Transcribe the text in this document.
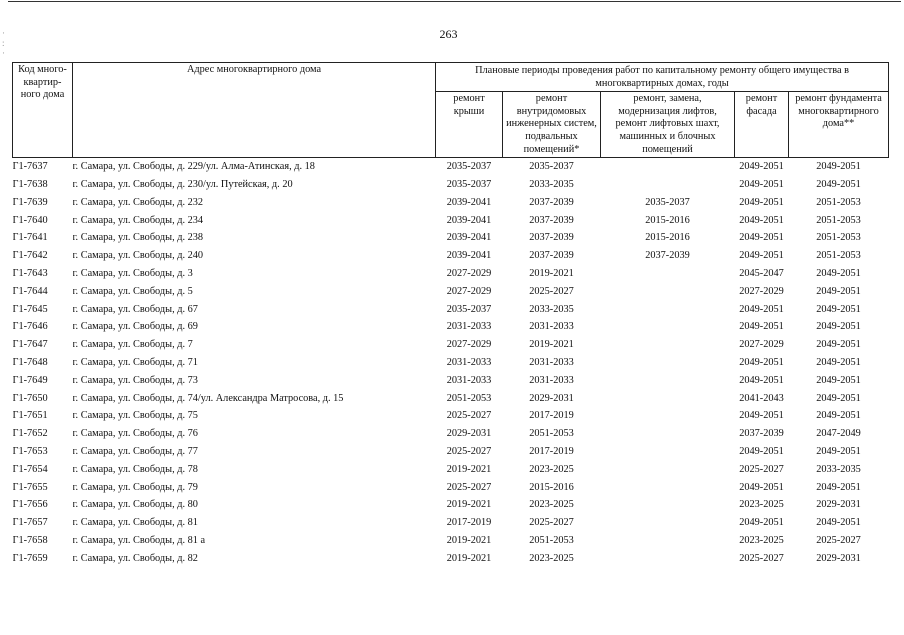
·
:
·
263
Код много-квартир-ного дома	Адрес многоквартирного дома	Плановые периоды проведения работ по капитальному ремонту общего имущества в многоквартирных домах, годы				
		ремонт крыши	ремонт внутридомовых инженерных систем, подвальных помещений*	ремонт, замена, модернизация лифтов, ремонт лифтовых шахт, машинных и блочных помещений	ремонт фасада	ремонт фундамента многоквартирного дома**
Г1-7637	г. Самара, ул. Свободы, д. 229/ул. Алма-Атинская, д. 18	2035-2037	2035-2037		2049-2051	2049-2051
Г1-7638	г. Самара, ул. Свободы, д. 230/ул. Путейская, д. 20	2035-2037	2033-2035		2049-2051	2049-2051
Г1-7639	г. Самара, ул. Свободы, д. 232	2039-2041	2037-2039	2035-2037	2049-2051	2051-2053
Г1-7640	г. Самара, ул. Свободы, д. 234	2039-2041	2037-2039	2015-2016	2049-2051	2051-2053
Г1-7641	г. Самара, ул. Свободы, д. 238	2039-2041	2037-2039	2015-2016	2049-2051	2051-2053
Г1-7642	г. Самара, ул. Свободы, д. 240	2039-2041	2037-2039	2037-2039	2049-2051	2051-2053
Г1-7643	г. Самара, ул. Свободы, д. 3	2027-2029	2019-2021		2045-2047	2049-2051
Г1-7644	г. Самара, ул. Свободы, д. 5	2027-2029	2025-2027		2027-2029	2049-2051
Г1-7645	г. Самара, ул. Свободы, д. 67	2035-2037	2033-2035		2049-2051	2049-2051
Г1-7646	г. Самара, ул. Свободы, д. 69	2031-2033	2031-2033		2049-2051	2049-2051
Г1-7647	г. Самара, ул. Свободы, д. 7	2027-2029	2019-2021		2027-2029	2049-2051
Г1-7648	г. Самара, ул. Свободы, д. 71	2031-2033	2031-2033		2049-2051	2049-2051
Г1-7649	г. Самара, ул. Свободы, д. 73	2031-2033	2031-2033		2049-2051	2049-2051
Г1-7650	г. Самара, ул. Свободы, д. 74/ул. Александра Матросова, д. 15	2051-2053	2029-2031		2041-2043	2049-2051
Г1-7651	г. Самара, ул. Свободы, д. 75	2025-2027	2017-2019		2049-2051	2049-2051
Г1-7652	г. Самара, ул. Свободы, д. 76	2029-2031	2051-2053		2037-2039	2047-2049
Г1-7653	г. Самара, ул. Свободы, д. 77	2025-2027	2017-2019		2049-2051	2049-2051
Г1-7654	г. Самара, ул. Свободы, д. 78	2019-2021	2023-2025		2025-2027	2033-2035
Г1-7655	г. Самара, ул. Свободы, д. 79	2025-2027	2015-2016		2049-2051	2049-2051
Г1-7656	г. Самара, ул. Свободы, д. 80	2019-2021	2023-2025		2023-2025	2029-2031
Г1-7657	г. Самара, ул. Свободы, д. 81	2017-2019	2025-2027		2049-2051	2049-2051
Г1-7658	г. Самара, ул. Свободы, д. 81 а	2019-2021	2051-2053		2023-2025	2025-2027
Г1-7659	г. Самара, ул. Свободы, д. 82	2019-2021	2023-2025		2025-2027	2029-2031
